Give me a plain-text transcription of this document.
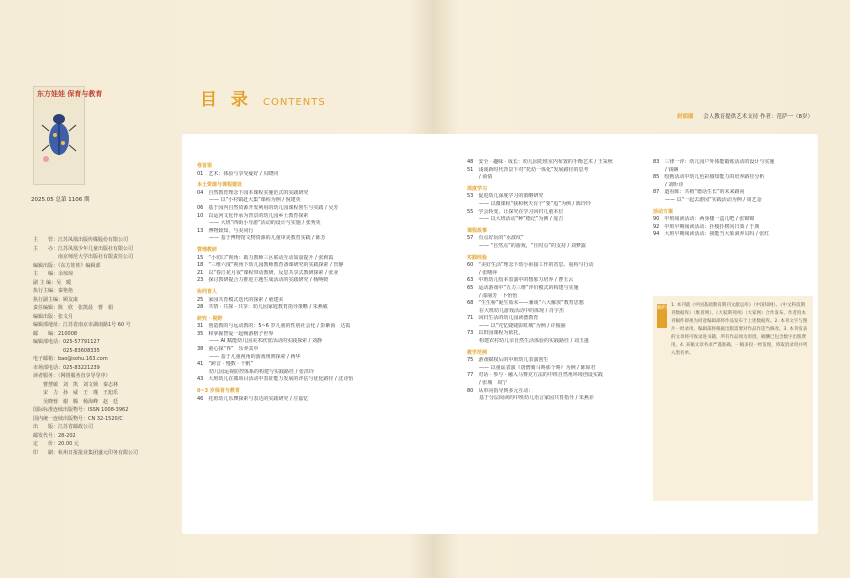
东方娃娃 保育与教育
2025.05 总第 1106 期
主　　管：江苏凤凰出版传媒股份有限公司
主　　办：江苏凤凰少年儿童出版社有限公司
　　　　　南京师范大学出版社有限责任公司
编辑出版：《东方娃娃》编辑部
主　　编：余琼琼
副 主 编：吴　暖
执行主编：秦艳艳
执行副主编：顾友康
责任编辑：陈　欣　张凯晨　曹　娟
编辑出版：张文月
编辑部地址：江苏省南京市湖南路1号 60 号
邮　　编：210008
编辑部电话：025-57791127
　　　　　　025-83608335
电子邮箱：bao@sohu.163.com
市场部电话：025-83221239
读者服务：（网络服务直享导导序）
　　曹慧敏　刘　凯　刘文锁　秦志林
　　宋　力　孙　威　王　瑾　王旭乐
　　吴晓蓉　谢　腾　杨海峰　赵　廷
国际标准连续出版物号：ISSN 1008-3962
国内统一连续出版物号：CN 32-1520/C
出　　版：江苏省邮政公司
邮发代号：28-202
定　　价：20.00 元
印　　刷：杭州日报报业集团盛元印务有限公司
目 录 CONTENTS
封面图 会人教育提供艺术支持 作者：范萨一（8岁）
卷首语
01　艺术：体验与享受疑好 / 贝晓同
本土资源与课程建设
04　自然教育理念下园本课程实施范式的实践研究
—— 以“小村镇赶大集”课程为例 / 倪建英
06　基于园内自然资源开发利用的幼儿园课程创生与实践 / 吴芳
10　以运河文化作承为背景的幼儿园乡土教育探索
—— 大班“西街小导游”活动的设计与实施 / 张秀英
13　博物致知，与美同行
—— 基于博物馆文物资源的儿童审美教育实践 / 陈芳
管理教研
15　“小切口”视角：助力教师三区联动互动质量提升 / 张莉霞
18　“三维六度”视角下幼儿园教师教育备课研究的实践探索 / 管静
21　以“春江花月夜”课程带动教研，反思共享式教研探索 / 张业
23　探讨教研提合力推进主题生成活动的实践研究 / 杨唤媛
协同育人
25　家园共育模式迭代的探索 / 童建美
28　共情 · 共探 · 共享：幼儿园家庭教育指导策略 / 朱燕敏
研究 · 视野
31　创造教的与远动教的：5~6 岁儿童的性别社会化 / 彭紫茵　达霞
35　和掌握智爱一起畅游格子世界
—— AI 赋能幼儿园美术欣赏活动的实践探索 / 刘静
38　童心探“界”　乐养其中
—— 基于儿童视角的游戏规则探索 / 蒋华
41　“跨音 · 慢数 · 千帆”
幼儿园运视防控体系的构建与实践路径 / 张洪玲
43　大班幼儿在微项目活动中表征能力发展的评估与优化路径 / 沈诗怡
0~3 岁保育与教育
46　托班幼儿乐舞探索与表达的实践研究 / 庄嘉忆
48　安全 · 趣味 · 成长：幼儿园托班室内布置的手衡艺术 / 王采秋
51　浅谈新时代背景下对“托幼一体化”发展路径的思考
/ 俞倩
深度学习
53　促进幼儿深度学习的策略研究
—— 以微课程“我和秋天有个”要“追”为例 / 陈玲玲
55　学会转变，让探究在学习回归儿童本位
—— 以大班活动“种”德记”为例 / 庞吉
课程故事
57　有点好玩的“水波纹”
—— “自然点”的游戏，“且时点”的支持 / 刘梦露
实践经验
60　“美好生活”理念下幼小衔接工作的省思、重构与行动
/ 张曙萍
63　中班幼儿绘本表演中的想象力培养 / 曹玉云
65　运动游戏中“五力三维”评价模式的构建与实施
/ 邵丽芳　卜怡怡
68　“生生桥”诞生始末——兼谈“六大解放”教育思想
在大班幼儿游戏活动中的体现 / 肖宇杰
71　回归生活的幼儿园读德教育
—— 以“咒忆婕婕影虹城”为例 / 许俊丽
73　以田园课程为依托，
构建农村幼儿亲自然生活体验的实践路径 / 刘玉蓬
教学范例
75　游戏赋权后的中班幼儿表演创生
—— 以童谣表演《唐僧骑马咚那个咚》为例 / 陈琼君
77　对话 · 参与 · 融入马赛克方法的中班自然角环境创设实践
/ 张城　周宁
80　从单向指导到多元互动：
基于分层阅读的中班幼儿语言家园共育指导 / 朱燕菲
83　三律一评：幼儿园户外体能锻炼活动的设计与实施
/ 钱娴
85　绘画活动中幼儿色彩感知能力的培养路径分析
/ 刘昕诗
87　道看陈：共植“德话生长”的未来路向
—— 以“一起去游园”实践活动为例 / 周艺金
活动方案
90　中班阅读活动：两身楼一盒儿吧 / 张锦锦
92　中班早期阅读活动：扑棱扑楞向日葵 / 于典
94　大班早期阅读活动：我能当大象洞养员吗 / 张红
稿约 1. 本刊就《中国基础教育期刊文献总库》（中国知网）、《中文科技期刊数据库》（维普网）、《大家期刊网》（大家网）合作发布，作者投本刊稿件即视为同意编辑部将作品发布于上述数据库。2. 本刊文字与图片一经录用，编辑部将根据出版需要对作品作适当修改。3. 本刊发表的文章将可收录进书籍，所有作品须为原创，稿酬已包含数字出版费用。4. 来稿文章务求严谨准确，一稿多投一经发现，将取消录用并列入黑名单。
